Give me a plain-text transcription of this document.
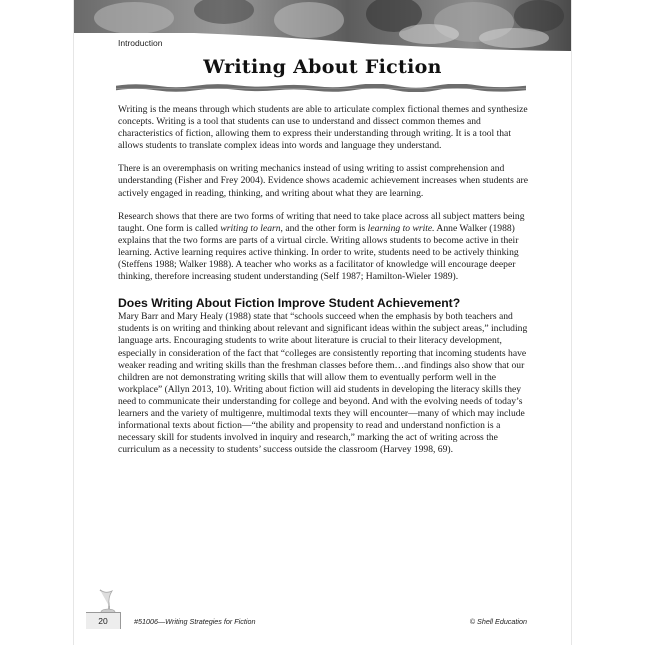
Introduction
Writing About Fiction

Writing is the means through which students are able to articulate complex fictional themes and synthesize concepts. Writing is a tool that students can use to understand and dissect common themes and characteristics of fiction, allowing them to express their understanding through writing. It is a tool that allows students to translate complex ideas into words and language they understand.

There is an overemphasis on writing mechanics instead of using writing to assist comprehension and understanding (Fisher and Frey 2004). Evidence shows academic achievement increases when students are actively engaged in reading, thinking, and writing about what they are learning.

Research shows that there are two forms of writing that need to take place across all subject matters being taught. One form is called writing to learn, and the other form is learning to write. Anne Walker (1988) explains that the two forms are parts of a virtual circle. Writing allows students to become active in their learning. Active learning requires active thinking. In order to write, students need to be actively thinking (Steffens 1988; Walker 1988). A teacher who works as a facilitator of knowledge will encourage deeper thinking, therefore increasing student understanding (Self 1987; Hamilton-Wieler 1989).

Does Writing About Fiction Improve Student Achievement?

Mary Barr and Mary Healy (1988) state that “schools succeed when the emphasis by both teachers and students is on writing and thinking about relevant and significant ideas within the subject areas,” including language arts. Encouraging students to write about literature is crucial to their literacy development, especially in consideration of the fact that “colleges are consistently reporting that incoming students have weaker reading and writing skills than the freshman classes before them…and findings also show that our children are not demonstrating writing skills that will allow them to eventually perform well in the workplace” (Allyn 2013, 10). Writing about fiction will aid students in developing the literacy skills they need to communicate their understanding for college and beyond. And with the evolving needs of today’s learners and the variety of multigenre, multimodal texts they will encounter—many of which may include informational texts about fiction—“the ability and propensity to read and understand nonfiction is a necessary skill for students involved in inquiry and research,” marking the act of writing across the curriculum as a necessity to students’ success outside the classroom (Harvey 1998, 69).

20	#51006—Writing Strategies for Fiction	© Shell Education
